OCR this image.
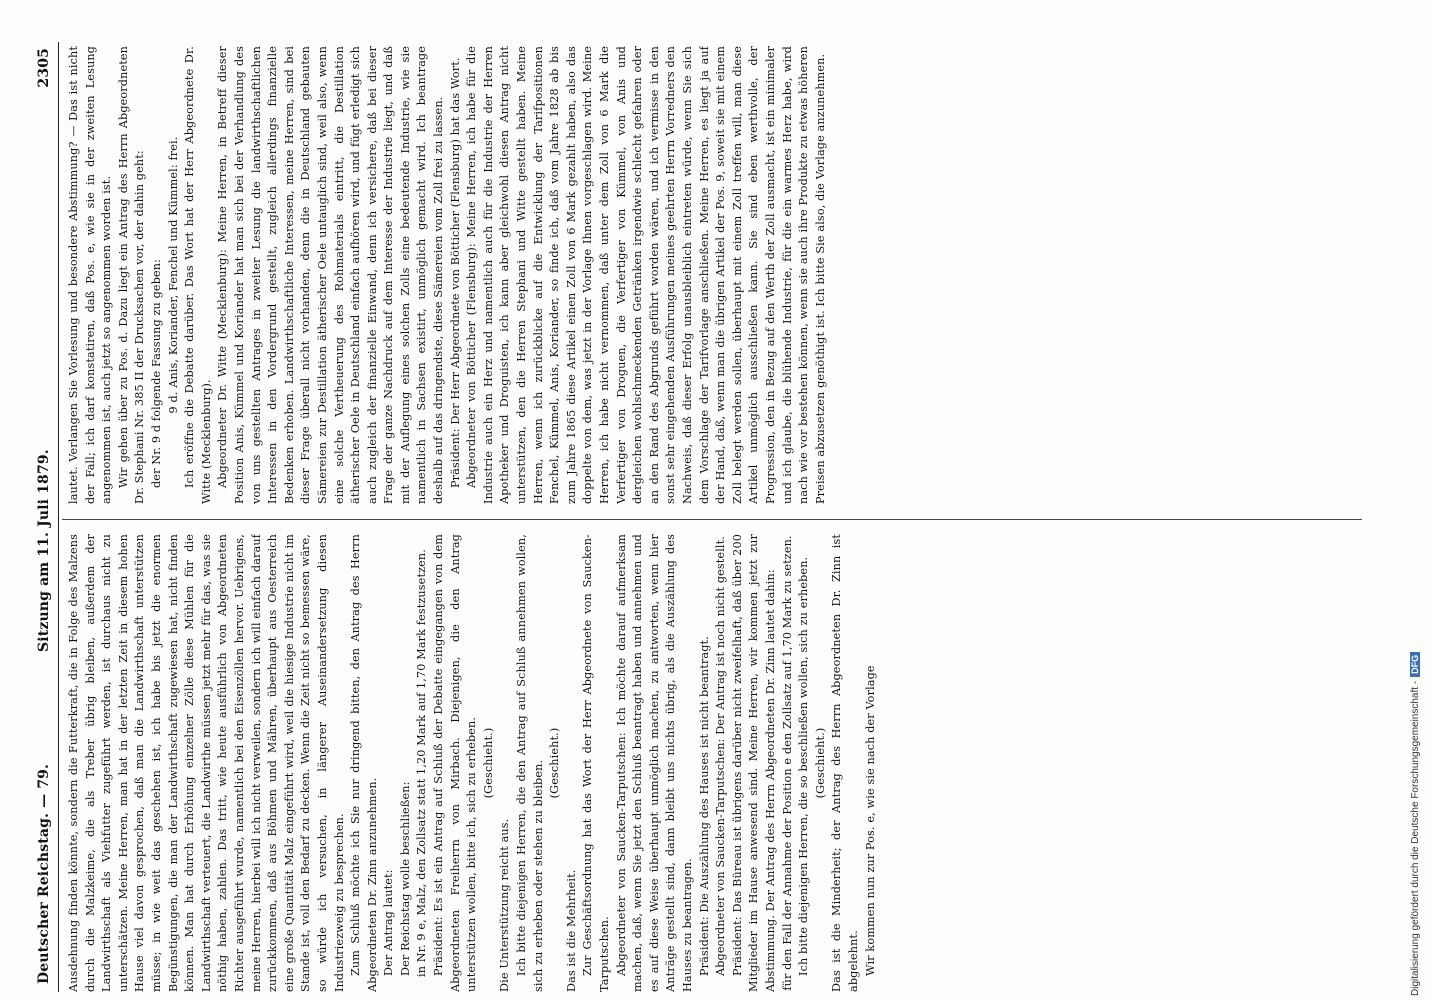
Deutscher Reichstag. — 79.
Sitzung am 11. Juli 1879.
2305

Ausdehnung finden könnte, sondern die Futterkraft, die in Folge des Malzens durch die Malzkeime, die als Treber übrig bleiben, außerdem der Landwirthschaft als Viehfutter zugeführt werden, ist durchaus nicht zu unterschätzen. Meine Herren, man hat in der letzten Zeit in diesem hohen Hause viel davon gesprochen, daß man die Landwirthschaft unterstützen müsse; in wie weit das geschehen ist, ich habe bis jetzt die enormen Begünstigungen, die man der Landwirthschaft zugewiesen hat, nicht finden können. Man hat durch Erhöhung einzelner Zölle diese Mühlen für die Landwirthschaft verteuert, die Landwirthe müssen jetzt mehr für das, was sie nöthig haben, zahlen. Das tritt, wie heute ausführlich von Abgeordneten Richter ausgeführt wurde, namentlich bei den Eisenzöllen hervor. Uebrigens, meine Herren, hierbei will ich nicht verweilen, sondern ich will einfach darauf zurückkommen, daß aus Böhmen und Mähren, überhaupt aus Oesterreich eine große Quantität Malz eingeführt wird, weil die hiesige Industrie nicht im Stande ist, voll den Bedarf zu decken. Wenn die Zeit nicht so bemessen wäre, so würde ich versuchen, in längerer Auseinandersetzung diesen Industriezweig zu besprechen. Zum Schluß möchte ich Sie nur dringend bitten, den Antrag des Herrn Abgeordneten Dr. Zinn anzunehmen. Der Antrag lautet: Der Reichstag wolle beschließen: in Nr. 9 e, Malz, den Zollsatz statt 1,20 Mark auf 1,70 Mark festzusetzen. Präsident: Es ist ein Antrag auf Schluß der Debatte eingegangen von dem Abgeordneten Freiherrn von Mirbach. Diejenigen, die den Antrag unterstützen wollen, bitte ich, sich zu erheben. (Geschieht.)

Die Unterstützung reicht aus. Ich bitte diejenigen Herren, die den Antrag auf Schluß annehmen wollen, sich zu erheben oder stehen zu bleiben. (Geschieht.)

Das ist die Mehrheit. Zur Geschäftsordnung hat das Wort der Herr Abgeordnete von Saucken-Tarputschen. Abgeordneter von Saucken-Tarputschen: Ich möchte darauf aufmerksam machen, daß, wenn Sie jetzt den Schluß beantragt haben und annehmen und es auf diese Weise überhaupt unmöglich machen, zu antworten, wenn hier Anträge gestellt sind, dann bleibt uns nichts übrig, als die Auszählung des Hauses zu beantragen. Präsident: Die Auszählung des Hauses ist nicht beantragt. Abgeordneter von Saucken-Tarputschen: Der Antrag ist noch nicht gestellt. Präsident: Das Büreau ist übrigens darüber nicht zweifelhaft, daß über 200 Mitglieder im Hause anwesend sind. Meine Herren, wir kommen jetzt zur Abstimmung. Der Antrag des Herrn Abgeordneten Dr. Zinn lautet dahin: für den Fall der Annahme der Position e den Zollsatz auf 1,70 Mark zu setzen. Ich bitte diejenigen Herren, die so beschließen wollen, sich zu erheben. (Geschieht.) Das ist die Minderheit; der Antrag des Herrn Abgeordneten Dr. Zinn ist abgelehnt. Wir kommen nun zur Pos. e, wie sie nach der Vorlage

lautet. Verlangen Sie Vorlesung und besondere Abstimmung? — Das ist nicht der Fall; ich darf konstatiren, daß Pos. e, wie sie in der zweiten Lesung angenommen ist, auch jetzt so angenommen worden ist. Wir gehen über zu Pos. d. Dazu liegt ein Antrag des Herrn Abgeordneten Dr. Stephani Nr. 385 II der Drucksachen vor, der dahin geht: der Nr. 9 d folgende Fassung zu geben: 9 d. Anis, Koriander, Fenchel und Kümmel: frei. Ich eröffne die Debatte darüber. Das Wort hat der Herr Abgeordnete Dr. Witte (Mecklenburg). Abgeordneter Dr. Witte (Mecklenburg): Meine Herren, in Betreff dieser Position Anis, Kümmel und Koriander hat man sich bei der Verhandlung des von uns gestellten Antrages in zweiter Lesung die landwirthschaftlichen Interessen in den Vordergrund gestellt, zugleich allerdings finanzielle Bedenken erhoben. Landwirthschaftliche Interessen, meine Herren, sind bei dieser Frage überall nicht vorhanden, denn die in Deutschland gebauten Sämereien zur Destillation ätherischer Oele untauglich sind, weil also, wenn eine solche Vertheuerung des Rohmaterials eintritt, die Destillation ätherischer Oele in Deutschland einfach aufhören wird, und fügt erledigt sich auch zugleich der finanzielle Einwand, denn ich versichere, daß bei dieser Frage der ganze Nachdruck auf dem Interesse der Industrie liegt, und daß mit der Auflegung eines solchen Zolls eine bedeutende Industrie, wie sie namentlich in Sachsen existirt, unmöglich gemacht wird. Ich beantrage deshalb auf das dringendste, diese Sämereien vom Zoll frei zu lassen. Präsident: Der Herr Abgeordnete von Bötticher (Flensburg) hat das Wort. Abgeordneter von Bötticher (Flensburg): Meine Herren, ich habe für die Industrie auch ein Herz und namentlich auch für die Industrie der Herren Apotheker und Droguisten, ich kann aber gleichwohl diesen Antrag nicht unterstützen, den die Herren Stephani und Witte gestellt haben. Meine Herren, wenn ich zurückblicke auf die Entwicklung der Tarifpositionen Fenchel, Kümmel, Anis, Koriander, so finde ich, daß vom Jahre 1828 ab bis zum Jahre 1865 diese Artikel einen Zoll von 6 Mark gezahlt haben, also das doppelte von dem, was jetzt in der Vorlage Ihnen vorgeschlagen wird. Meine Herren, ich habe nicht vernommen, daß unter dem Zoll von 6 Mark die Verfertiger von Droguen, die Verfertiger von Kümmel, von Anis und dergleichen wohlschmeckenden Getränken irgendwie schlecht gefahren oder an den Rand des Abgrunds geführt worden wären, und ich vermisse in den sonst sehr eingehenden Ausführungen meines geehrten Herrn Vorredners den Nachweis, daß dieser Erfolg unausbleiblich eintreten würde, wenn Sie sich dem Vorschlage der Tarifvorlage anschließen. Meine Herren, es liegt ja auf der Hand, daß, wenn man die übrigen Artikel der Pos. 9, soweit sie mit einem Zoll belegt werden sollen, überhaupt mit einem Zoll treffen will, man diese Artikel unmöglich ausschließen kann. Sie sind eben werthvolle, der Progression, den in Bezug auf den Werth der Zoll ausmacht, ist ein minimaler und ich glaube, die blühende Industrie, für die ein warmes Herz habe, wird nach wie vor bestehen können, wenn sie auch ihre Produkte zu etwas höheren Preisen abzusetzen genöthigt ist. Ich bitte Sie also, die Vorlage anzunehmen.

Digitalisierung gefördert durch die Deutsche Forschungsgemeinschaft -DFG
